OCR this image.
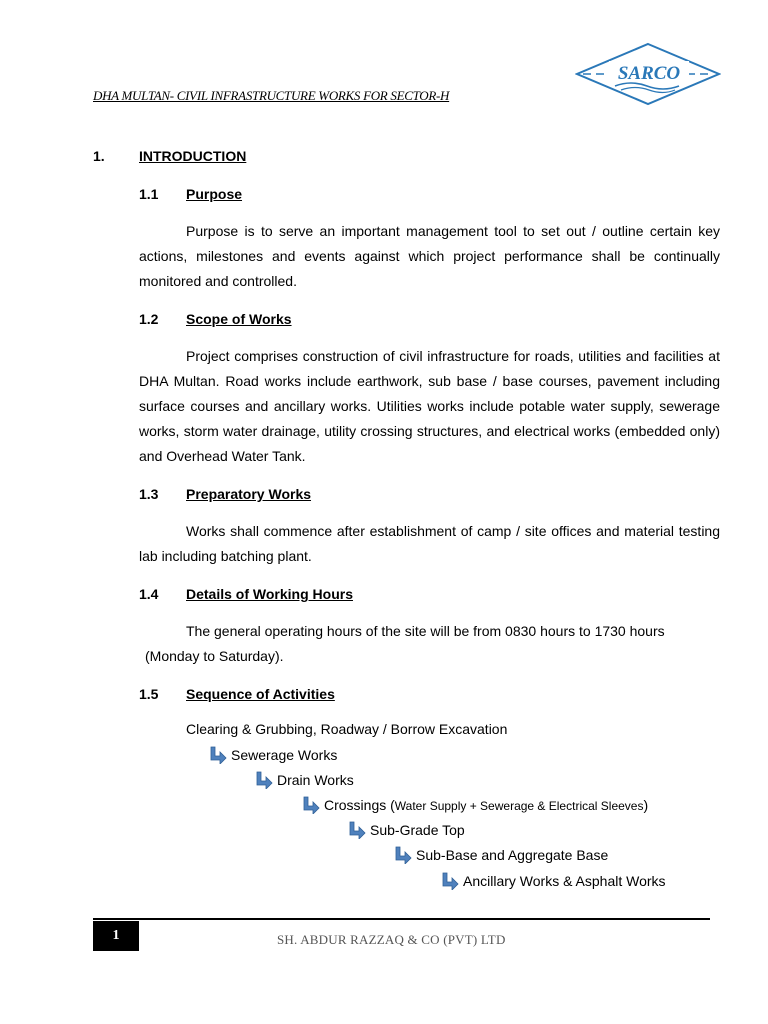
DHA MULTAN- CIVIL INFRASTRUCTURE WORKS FOR SECTOR-H
SARCO
1. INTRODUCTION
1.1 Purpose
Purpose is to serve an important management tool to set out / outline certain key actions, milestones and events against which project performance shall be continually monitored and controlled.
1.2 Scope of Works
Project comprises construction of civil infrastructure for roads, utilities and facilities at DHA Multan. Road works include earthwork, sub base / base courses, pavement including surface courses and ancillary works. Utilities works include potable water supply, sewerage works, storm water drainage, utility crossing structures, and electrical works (embedded only) and Overhead Water Tank.
1.3 Preparatory Works
Works shall commence after establishment of camp / site offices and material testing lab including batching plant.
1.4 Details of Working Hours
The general operating hours of the site will be from 0830 hours to 1730 hours
(Monday to Saturday).
1.5 Sequence of Activities
Clearing & Grubbing, Roadway / Borrow Excavation
Sewerage Works
Drain Works
Crossings (Water Supply + Sewerage & Electrical Sleeves)
Sub-Grade Top
Sub-Base and Aggregate Base
Ancillary Works & Asphalt Works
1	SH. ABDUR RAZZAQ & CO (PVT) LTD
